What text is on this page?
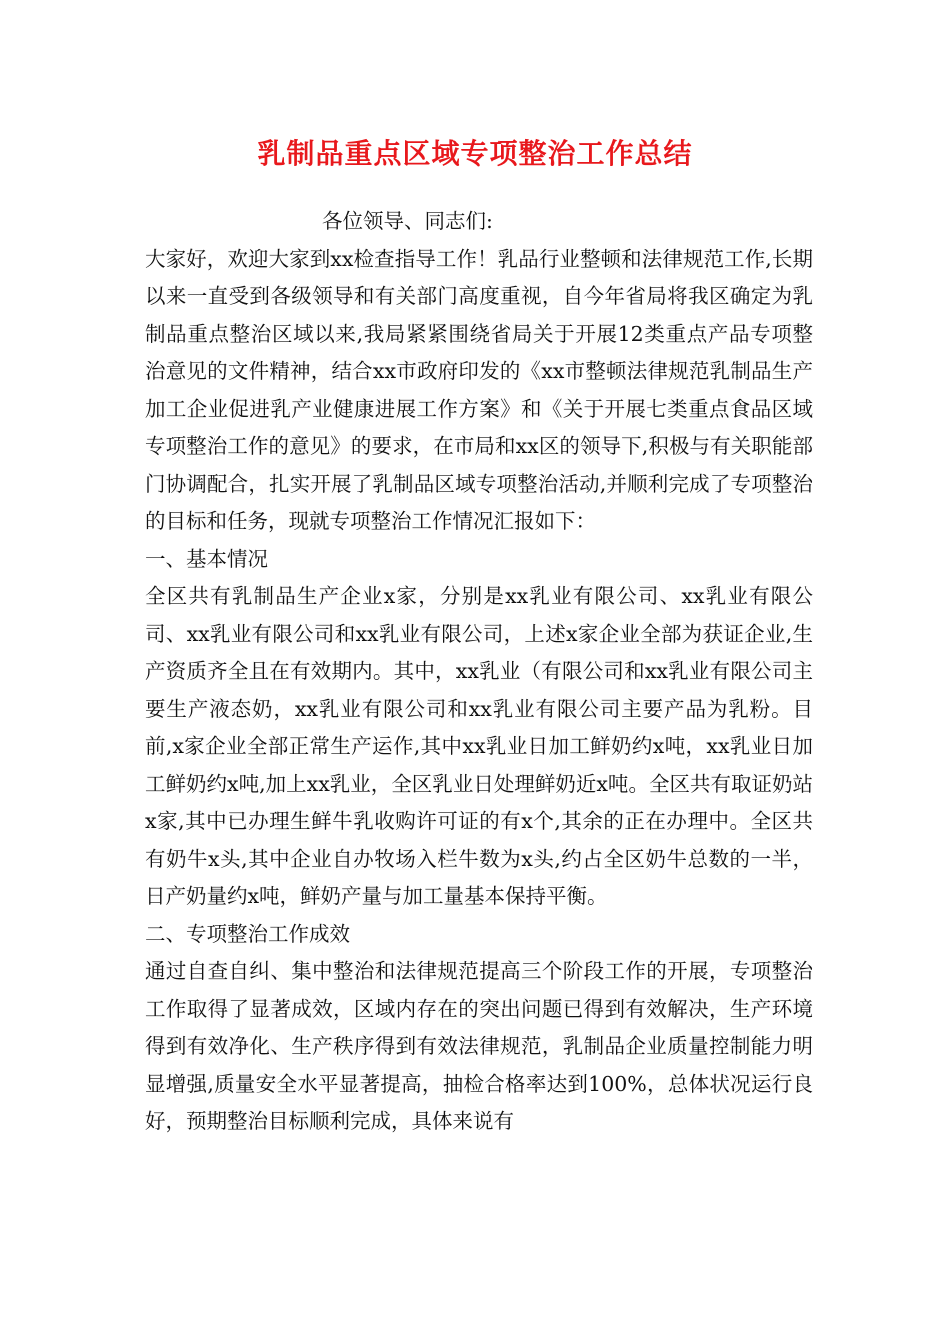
乳制品重点区域专项整治工作总结

各位领导、同志们:

大家好，欢迎大家到xx检查指导工作！乳品行业整顿和法律规范工作,长期以来一直受到各级领导和有关部门高度重视，自今年省局将我区确定为乳制品重点整治区域以来,我局紧紧围绕省局关于开展12类重点产品专项整治意见的文件精神，结合xx市政府印发的《xx市整顿法律规范乳制品生产加工企业促进乳产业健康进展工作方案》和《关于开展七类重点食品区域专项整治工作的意见》的要求，在市局和xx区的领导下,积极与有关职能部门协调配合，扎实开展了乳制品区域专项整治活动,并顺利完成了专项整治的目标和任务，现就专项整治工作情况汇报如下：

一、基本情况

全区共有乳制品生产企业x家，分别是xx乳业有限公司、xx乳业有限公司、xx乳业有限公司和xx乳业有限公司，上述x家企业全部为获证企业,生产资质齐全且在有效期内。其中，xx乳业（有限公司和xx乳业有限公司主要生产液态奶，xx乳业有限公司和xx乳业有限公司主要产品为乳粉。目前,x家企业全部正常生产运作,其中xx乳业日加工鲜奶约x吨，xx乳业日加工鲜奶约x吨,加上xx乳业，全区乳业日处理鲜奶近x吨。全区共有取证奶站x家,其中已办理生鲜牛乳收购许可证的有x个,其余的正在办理中。全区共有奶牛x头,其中企业自办牧场入栏牛数为x头,约占全区奶牛总数的一半，日产奶量约x吨，鲜奶产量与加工量基本保持平衡。

二、专项整治工作成效

通过自查自纠、集中整治和法律规范提高三个阶段工作的开展，专项整治工作取得了显著成效，区域内存在的突出问题已得到有效解决，生产环境得到有效净化、生产秩序得到有效法律规范，乳制品企业质量控制能力明显增强,质量安全水平显著提高，抽检合格率达到100%，总体状况运行良好，预期整治目标顺利完成，具体来说有
